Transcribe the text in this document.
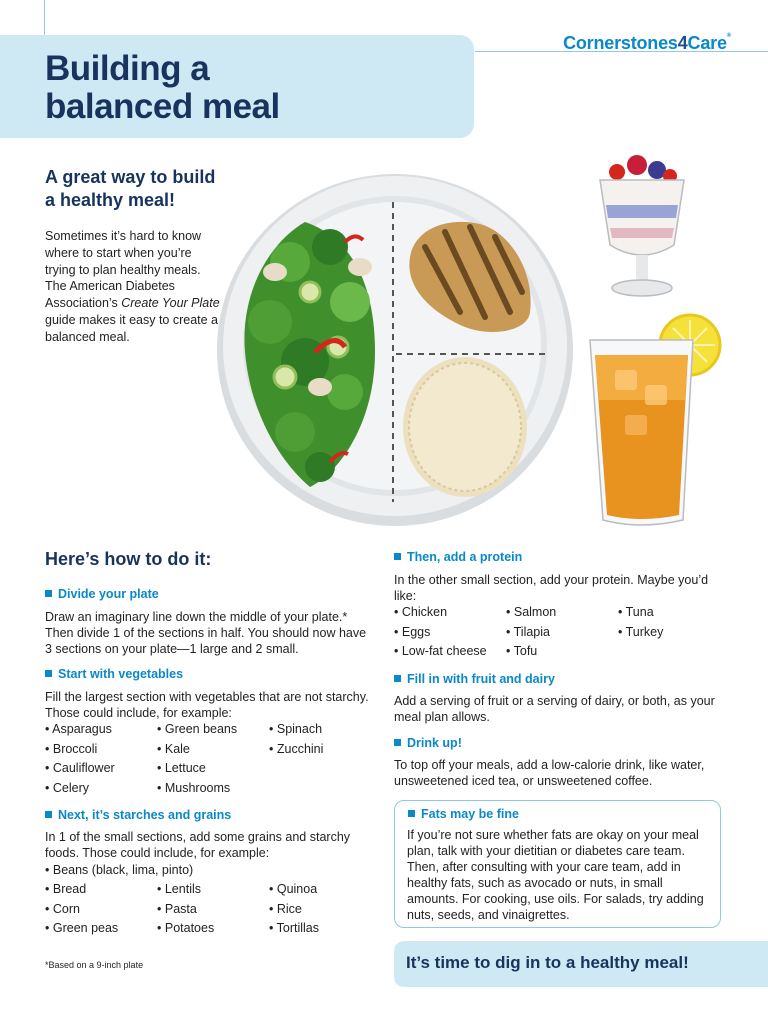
Cornerstones4Care®
Building a
balanced meal
A great way to build
a healthy meal!

Sometimes it’s hard to know where to start when you’re trying to plan healthy meals. The American Diabetes Association’s Create Your Plate guide makes it easy to create a balanced meal.

Here’s how to do it:
Divide your plate

Draw an imaginary line down the middle of your plate.* Then divide 1 of the sections in half. You should now have 3 sections on your plate—1 large and 2 small.

Start with vegetables

Fill the largest section with vegetables that are not starchy. Those could include, for example:

• Asparagus	• Green beans	• Spinach
• Broccoli	• Kale	• Zucchini
• Cauliflower	• Lettuce
• Celery	• Mushrooms
Next, it’s starches and grains

In 1 of the small sections, add some grains and starchy foods. Those could include, for example:

• Beans (black, lima, pinto)
• Bread	• Lentils	• Quinoa
• Corn	• Pasta	• Rice
• Green peas	• Potatoes	• Tortillas
*Based on a 9-inch plate
Then, add a protein

In the other small section, add your protein. Maybe you’d like:

• Chicken	• Salmon	• Tuna
• Eggs	• Tilapia	• Turkey
• Low-fat cheese	• Tofu
Fill in with fruit and dairy

Add a serving of fruit or a serving of dairy, or both, as your meal plan allows.

Drink up!

To top off your meals, add a low-calorie drink, like water, unsweetened iced tea, or unsweetened coffee.

Fats may be fine

If you’re not sure whether fats are okay on your meal plan, talk with your dietitian or diabetes care team. Then, after consulting with your care team, add in healthy fats, such as avocado or nuts, in small amounts. For cooking, use oils. For salads, try adding nuts, seeds, and vinaigrettes.

It’s time to dig in to a healthy meal!
